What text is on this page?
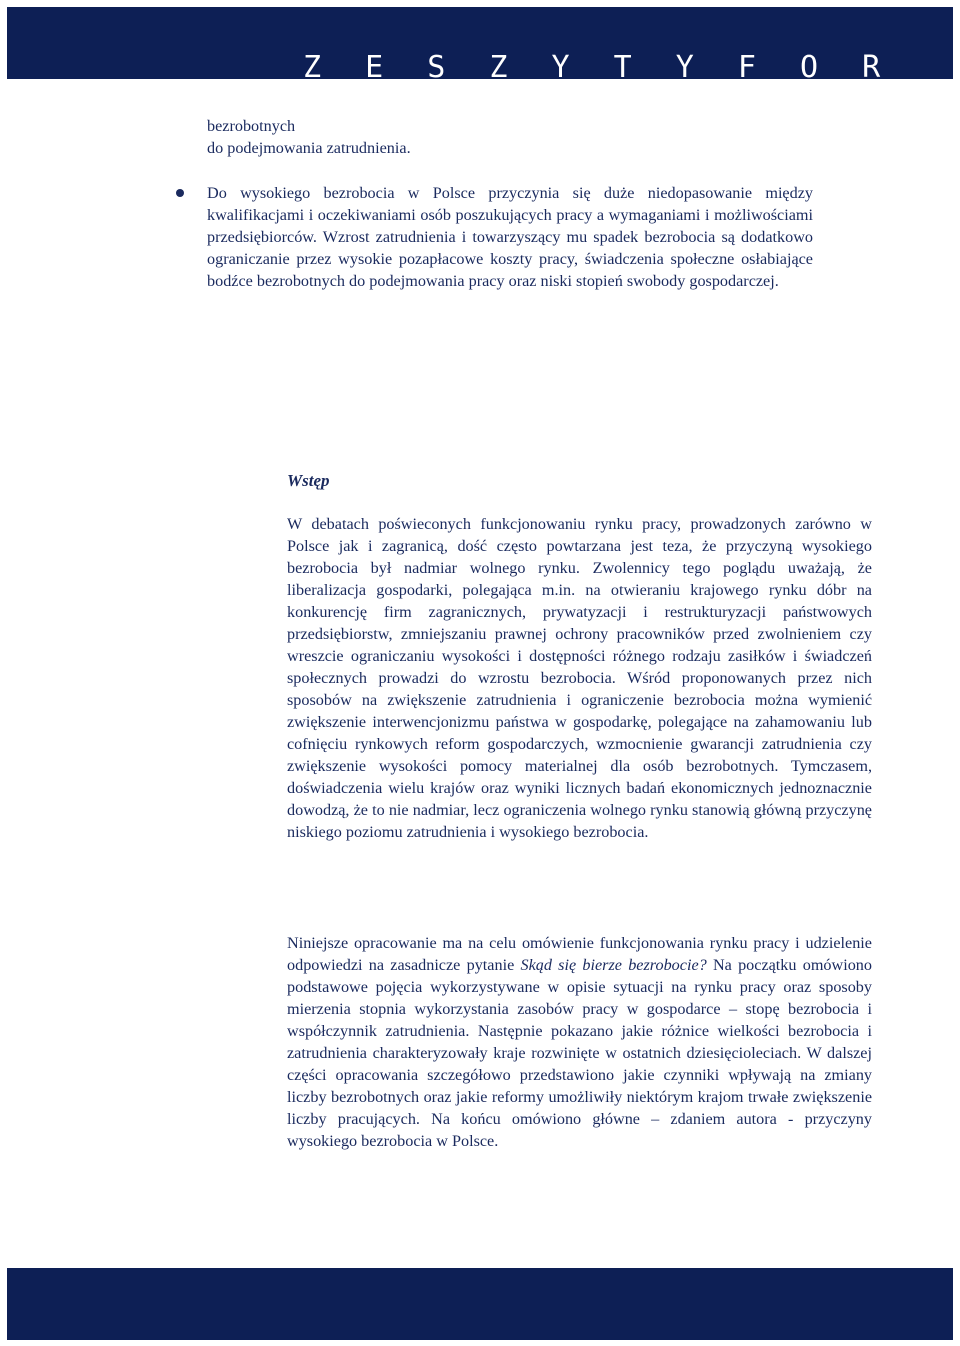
Z E S Z Y T Y F O R

bezrobotnych

do podejmowania zatrudnienia.

Do wysokiego bezrobocia w Polsce przyczynia się duże niedopasowanie między kwalifikacjami i oczekiwaniami osób poszukujących pracy a wymaganiami i możliwościami przedsiębiorców. Wzrost zatrudnienia i towarzyszący mu spadek bezrobocia są dodatkowo ograniczanie przez wysokie pozapłacowe koszty pracy, świadczenia społeczne osłabiające bodźce bezrobotnych do podejmowania pracy oraz niski stopień swobody gospodarczej.

Wstęp

W debatach poświeconych funkcjonowaniu rynku pracy, prowadzonych zarówno w Polsce jak i zagranicą, dość często powtarzana jest teza, że przyczyną wysokiego bezrobocia był nadmiar wolnego rynku. Zwolennicy tego poglądu uważają, że liberalizacja gospodarki, polegająca m.in. na otwieraniu krajowego rynku dóbr na konkurencję firm zagranicznych, prywatyzacji i restrukturyzacji państwowych przedsiębiorstw, zmniejszaniu prawnej ochrony pracowników przed zwolnieniem czy wreszcie ograniczaniu wysokości i dostępności różnego rodzaju zasiłków i świadczeń społecznych prowadzi do wzrostu bezrobocia. Wśród proponowanych przez nich sposobów na zwiększenie zatrudnienia i ograniczenie bezrobocia można wymienić zwiększenie interwencjonizmu państwa w gospodarkę, polegające na zahamowaniu lub cofnięciu rynkowych reform gospodarczych, wzmocnienie gwarancji zatrudnienia czy zwiększenie wysokości pomocy materialnej dla osób bezrobotnych. Tymczasem, doświadczenia wielu krajów oraz wyniki licznych badań ekonomicznych jednoznacznie dowodzą, że to nie nadmiar, lecz ograniczenia wolnego rynku stanowią główną przyczynę niskiego poziomu zatrudnienia i wysokiego bezrobocia.

Niniejsze opracowanie ma na celu omówienie funkcjonowania rynku pracy i udzielenie odpowiedzi na zasadnicze pytanie Skąd się bierze bezrobocie? Na początku omówiono podstawowe pojęcia wykorzystywane w opisie sytuacji na rynku pracy oraz sposoby mierzenia stopnia wykorzystania zasobów pracy w gospodarce – stopę bezrobocia i współczynnik zatrudnienia. Następnie pokazano jakie różnice wielkości bezrobocia i zatrudnienia charakteryzowały kraje rozwinięte w ostatnich dziesięcioleciach. W dalszej części opracowania szczegółowo przedstawiono jakie czynniki wpływają na zmiany liczby bezrobotnych oraz jakie reformy umożliwiły niektórym krajom trwałe zwiększenie liczby pracujących. Na końcu omówiono główne – zdaniem autora - przyczyny wysokiego bezrobocia w Polsce.
